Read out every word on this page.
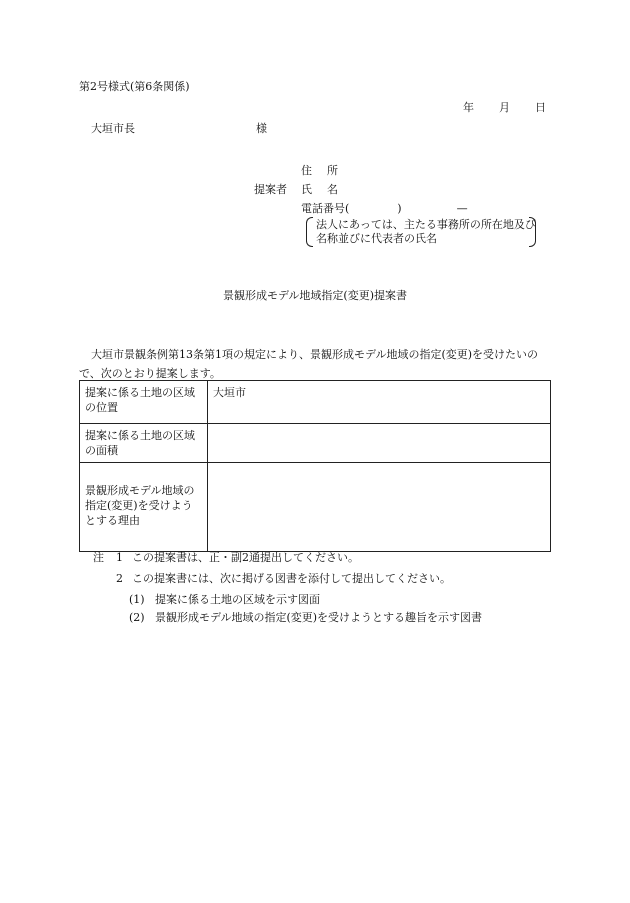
第2号様式(第6条関係)
年 月 日
大垣市長	様
住 所
提案者 氏 名
電話番号(	)	—
法人にあっては、主たる事務所の所在地及び名称並びに代表者の氏名
景観形成モデル地域指定(変更)提案書
大垣市景観条例第13条第1項の規定により、景観形成モデル地域の指定(変更)を受けたいので、次のとおり提案します。
提案に係る土地の区域の位置	大垣市
提案に係る土地の区域の面積	
景観形成モデル地域の指定(変更)を受けようとする理由	
注 1 この提案書は、正・副2通提出してください。
2 この提案書には、次に掲げる図書を添付して提出してください。
(1) 提案に係る土地の区域を示す図面
(2) 景観形成モデル地域の指定(変更)を受けようとする趣旨を示す図書
